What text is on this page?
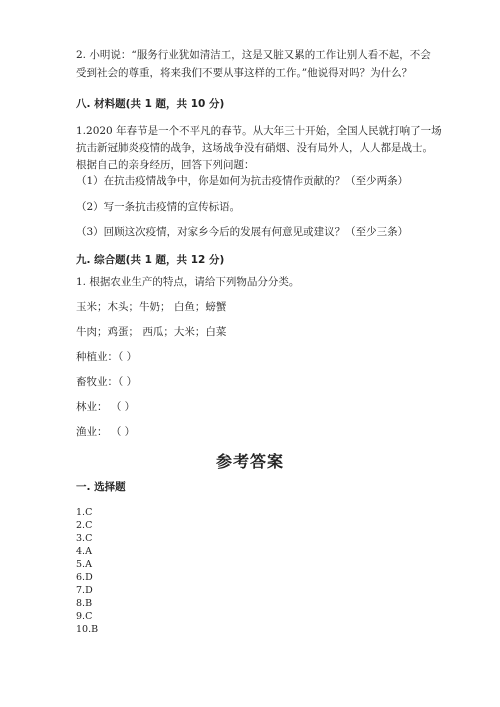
2. 小明说：“服务行业犹如清洁工，这是又脏又累的工作让别人看不起，不会

受到社会的尊重，将来我们不要从事这样的工作。”他说得对吗？为什么？

八. 材料题(共 1 题，共 10 分)

1.2020 年春节是一个不平凡的春节。从大年三十开始，全国人民就打响了一场

抗击新冠肺炎疫情的战争，这场战争没有硝烟、没有局外人，人人都是战士。

根据自己的亲身经历，回答下列问题：

（1）在抗击疫情战争中，你是如何为抗击疫情作贡献的？（至少两条）

（2）写一条抗击疫情的宣传标语。

（3）回顾这次疫情，对家乡今后的发展有何意见或建议？（至少三条）

九. 综合题(共 1 题，共 12 分)

1. 根据农业生产的特点，请给下列物品分分类。

玉米；木头；牛奶； 白鱼；螃蟹

牛肉；鸡蛋； 西瓜；大米；白菜

种植业：（ ）

畜牧业：（ ）

林业： （ ）

渔业： （ ）

参考答案

一. 选择题

1.C

2.C

3.C

4.A

5.A

6.D

7.D

8.B

9.C

10.B
